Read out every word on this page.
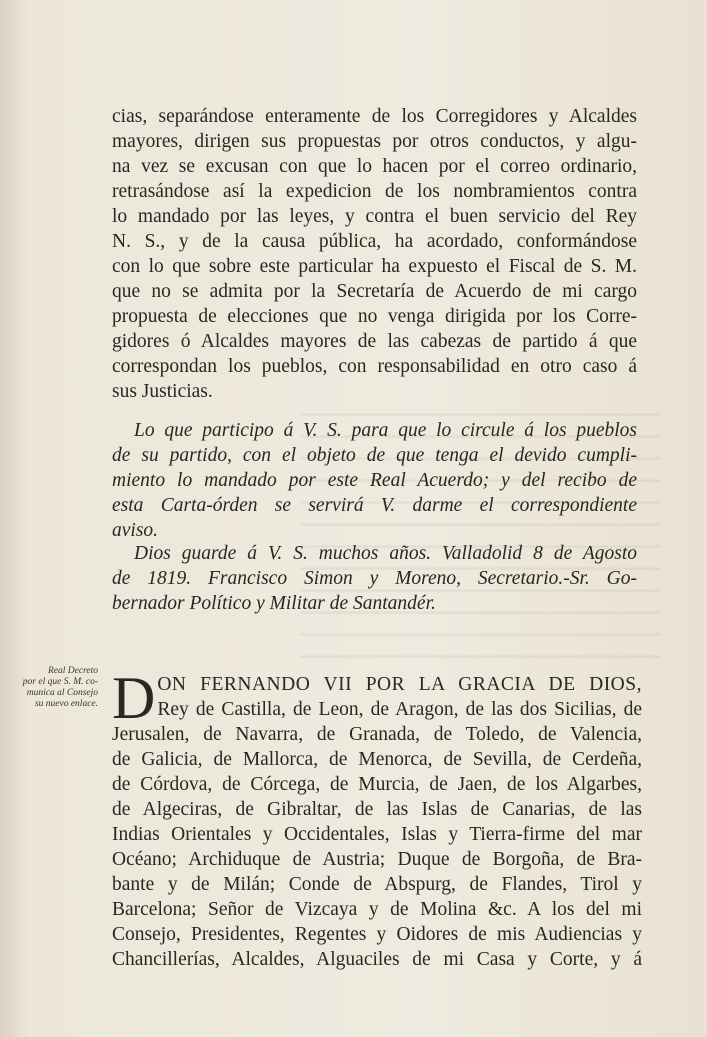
cias, separándose enteramente de los Corregidores y Alcaldes
mayores, dirigen sus propuestas por otros conductos, y algu-
na vez se excusan con que lo hacen por el correo ordinario,
retrasándose así la expedicion de los nombramientos contra
lo mandado por las leyes, y contra el buen servicio del Rey
N. S., y de la causa pública, ha acordado, conformándose
con lo que sobre este particular ha expuesto el Fiscal de S. M.
que no se admita por la Secretaría de Acuerdo de mi cargo
propuesta de elecciones que no venga dirigida por los Corre-
gidores ó Alcaldes mayores de las cabezas de partido á que
correspondan los pueblos, con responsabilidad en otro caso á
sus Justicias.
Lo que participo á V. S. para que lo circule á los pueblos
de su partido, con el objeto de que tenga el devido cumpli-
miento lo mandado por este Real Acuerdo; y del recibo de
esta Carta-órden se servirá V. darme el correspondiente
aviso.
Dios guarde á V. S. muchos años. Valladolid 8 de Agosto
de 1819. Francisco Simon y Moreno, Secretario.-Sr. Go-
bernador Político y Militar de Santandér.
Real Decreto
por el que S. M. co-
munica al Consejo
su nuevo enlace. D ON FERNANDO VII POR LA GRACIA DE DIOS,
Rey de Castilla, de Leon, de Aragon, de las dos Sicilias, de
Jerusalen, de Navarra, de Granada, de Toledo, de Valencia,
de Galicia, de Mallorca, de Menorca, de Sevilla, de Cerdeña,
de Córdova, de Córcega, de Murcia, de Jaen, de los Algarbes,
de Algeciras, de Gibraltar, de las Islas de Canarias, de las
Indias Orientales y Occidentales, Islas y Tierra-firme del mar
Océano; Archiduque de Austria; Duque de Borgoña, de Bra-
bante y de Milán; Conde de Abspurg, de Flandes, Tirol y
Barcelona; Señor de Vizcaya y de Molina &c. A los del mi
Consejo, Presidentes, Regentes y Oidores de mis Audiencias y
Chancillerías, Alcaldes, Alguaciles de mi Casa y Corte, y á
